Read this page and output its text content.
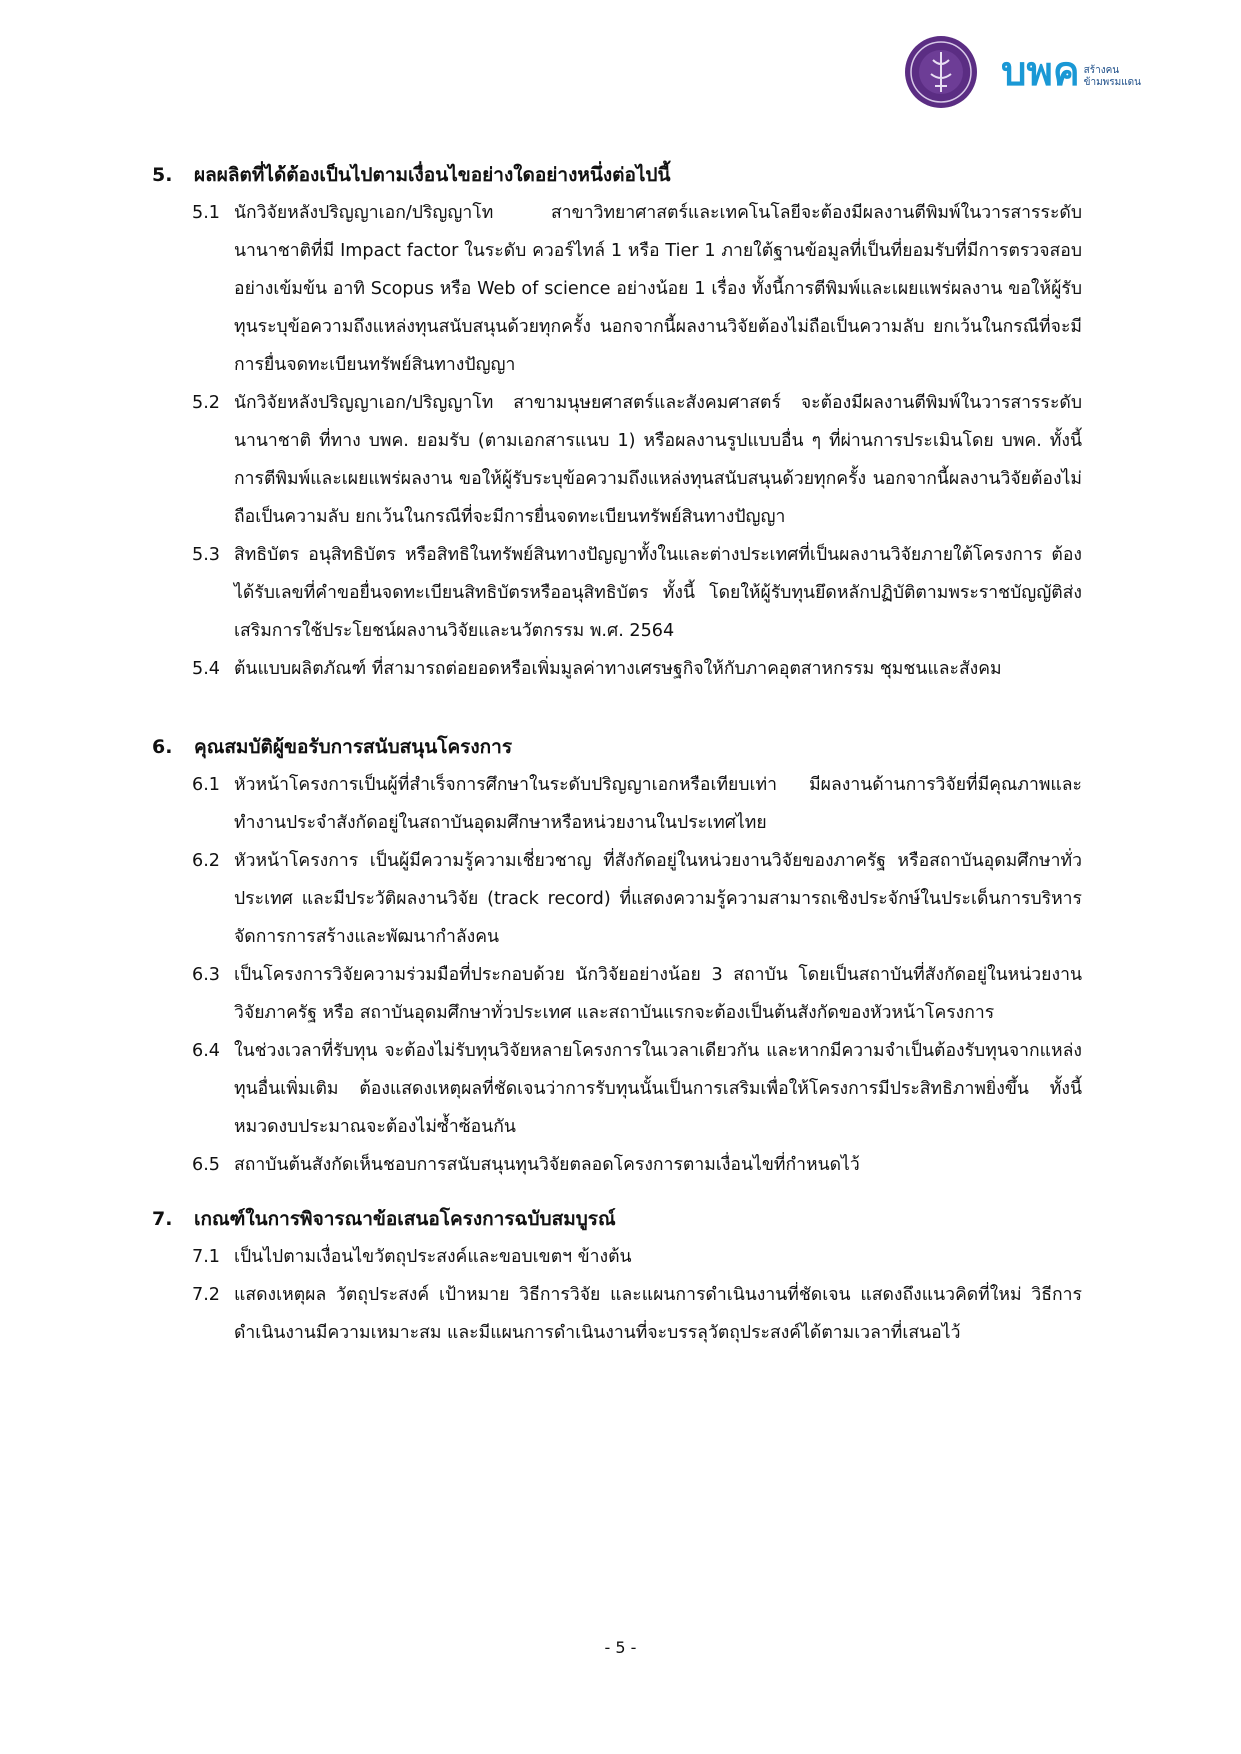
บพค สร้างคน
ข้ามพรมแดน
5.	ผลผลิตที่ได้ต้องเป็นไปตามเงื่อนไขอย่างใดอย่างหนึ่งต่อไปนี้
5.1 นักวิจัยหลังปริญญาเอก/ปริญญาโท สาขาวิทยาศาสตร์และเทคโนโลยีจะต้องมีผลงานตีพิมพ์ในวารสารระดับนานาชาติที่มี Impact factor ในระดับ ควอร์ไทล์ 1 หรือ Tier 1 ภายใต้ฐานข้อมูลที่เป็นที่ยอมรับที่มีการตรวจสอบอย่างเข้มข้น อาทิ Scopus หรือ Web of science อย่างน้อย 1 เรื่อง ทั้งนี้การตีพิมพ์และเผยแพร่ผลงาน ขอให้ผู้รับทุนระบุข้อความถึงแหล่งทุนสนับสนุนด้วยทุกครั้ง นอกจากนี้ผลงานวิจัยต้องไม่ถือเป็นความลับ ยกเว้นในกรณีที่จะมีการยื่นจดทะเบียนทรัพย์สินทางปัญญา
5.2 นักวิจัยหลังปริญญาเอก/ปริญญาโท สาขามนุษยศาสตร์และสังคมศาสตร์ จะต้องมีผลงานตีพิมพ์ในวารสารระดับนานาชาติ ที่ทาง บพค. ยอมรับ (ตามเอกสารแนบ 1) หรือผลงานรูปแบบอื่น ๆ ที่ผ่านการประเมินโดย บพค. ทั้งนี้การตีพิมพ์และเผยแพร่ผลงาน ขอให้ผู้รับระบุข้อความถึงแหล่งทุนสนับสนุนด้วยทุกครั้ง นอกจากนี้ผลงานวิจัยต้องไม่ถือเป็นความลับ ยกเว้นในกรณีที่จะมีการยื่นจดทะเบียนทรัพย์สินทางปัญญา
5.3 สิทธิบัตร อนุสิทธิบัตร หรือสิทธิในทรัพย์สินทางปัญญาทั้งในและต่างประเทศที่เป็นผลงานวิจัยภายใต้โครงการ ต้องได้รับเลขที่คำขอยื่นจดทะเบียนสิทธิบัตรหรืออนุสิทธิบัตร ทั้งนี้ โดยให้ผู้รับทุนยึดหลักปฏิบัติตามพระราชบัญญัติส่งเสริมการใช้ประโยชน์ผลงานวิจัยและนวัตกรรม พ.ศ. 2564
5.4 ต้นแบบผลิตภัณฑ์ ที่สามารถต่อยอดหรือเพิ่มมูลค่าทางเศรษฐกิจให้กับภาคอุตสาหกรรม ชุมชนและสังคม
6.	คุณสมบัติผู้ขอรับการสนับสนุนโครงการ
6.1 หัวหน้าโครงการเป็นผู้ที่สำเร็จการศึกษาในระดับปริญญาเอกหรือเทียบเท่า มีผลงานด้านการวิจัยที่มีคุณภาพและทำงานประจำสังกัดอยู่ในสถาบันอุดมศึกษาหรือหน่วยงานในประเทศไทย
6.2 หัวหน้าโครงการ เป็นผู้มีความรู้ความเชี่ยวชาญ ที่สังกัดอยู่ในหน่วยงานวิจัยของภาครัฐ หรือสถาบันอุดมศึกษาทั่วประเทศ และมีประวัติผลงานวิจัย (track record) ที่แสดงความรู้ความสามารถเชิงประจักษ์ในประเด็นการบริหารจัดการการสร้างและพัฒนากำลังคน
6.3 เป็นโครงการวิจัยความร่วมมือที่ประกอบด้วย นักวิจัยอย่างน้อย 3 สถาบัน โดยเป็นสถาบันที่สังกัดอยู่ในหน่วยงานวิจัยภาครัฐ หรือ สถาบันอุดมศึกษาทั่วประเทศ และสถาบันแรกจะต้องเป็นต้นสังกัดของหัวหน้าโครงการ
6.4 ในช่วงเวลาที่รับทุน จะต้องไม่รับทุนวิจัยหลายโครงการในเวลาเดียวกัน และหากมีความจำเป็นต้องรับทุนจากแหล่งทุนอื่นเพิ่มเติม ต้องแสดงเหตุผลที่ชัดเจนว่าการรับทุนนั้นเป็นการเสริมเพื่อให้โครงการมีประสิทธิภาพยิ่งขึ้น ทั้งนี้หมวดงบประมาณจะต้องไม่ซ้ำซ้อนกัน
6.5 สถาบันต้นสังกัดเห็นชอบการสนับสนุนทุนวิจัยตลอดโครงการตามเงื่อนไขที่กำหนดไว้
7.	เกณฑ์ในการพิจารณาข้อเสนอโครงการฉบับสมบูรณ์
7.1 เป็นไปตามเงื่อนไขวัตถุประสงค์และขอบเขตฯ ข้างต้น
7.2 แสดงเหตุผล วัตถุประสงค์ เป้าหมาย วิธีการวิจัย และแผนการดำเนินงานที่ชัดเจน แสดงถึงแนวคิดที่ใหม่ วิธีการดำเนินงานมีความเหมาะสม และมีแผนการดำเนินงานที่จะบรรลุวัตถุประสงค์ได้ตามเวลาที่เสนอไว้
- 5 -
